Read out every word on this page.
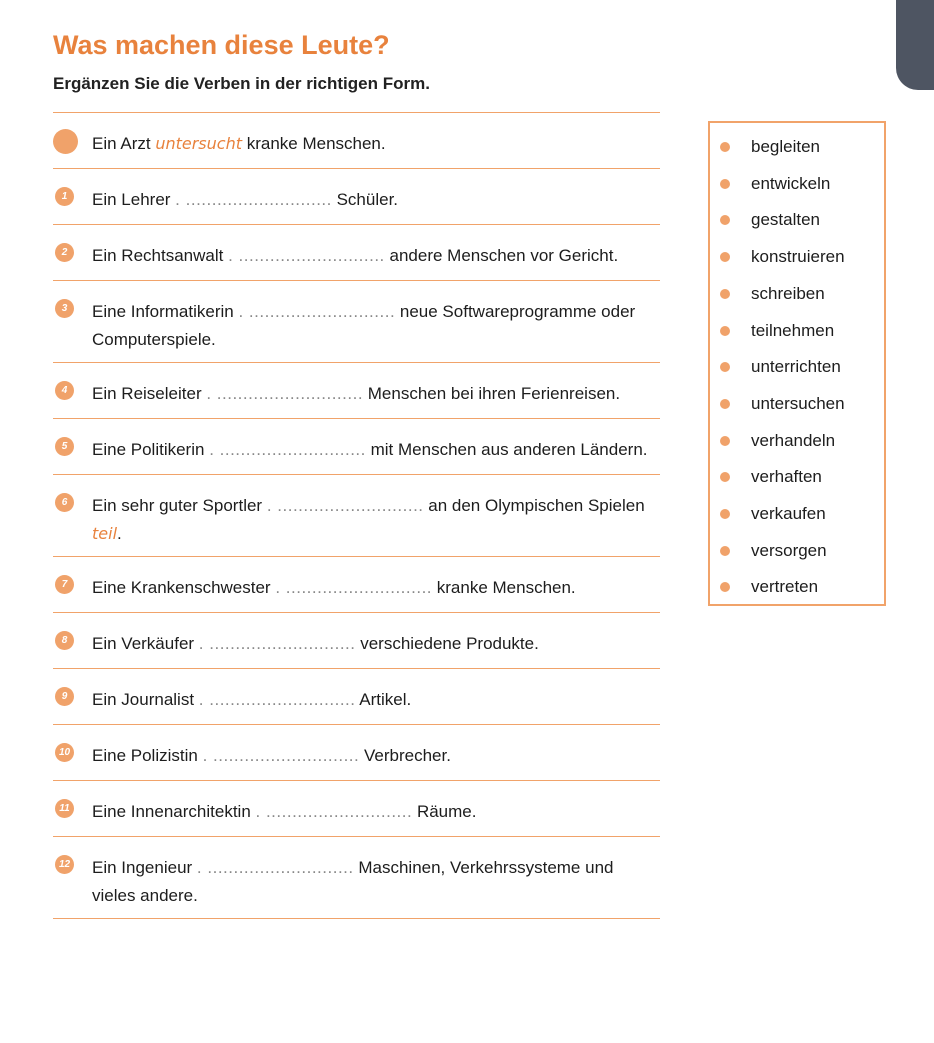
Was machen diese Leute?

Ergänzen Sie die Verben in der richtigen Form.

Ein Arzt untersucht kranke Menschen.
1	Ein Lehrer . ............................ Schüler.
2	Ein Rechtsanwalt . ............................ andere Menschen vor Gericht.
3	Eine Informatikerin . ............................ neue Softwareprogramme oder Computerspiele.
4	Ein Reiseleiter . ............................ Menschen bei ihren Ferienreisen.
5	Eine Politikerin . ............................ mit Menschen aus anderen Ländern.
6	Ein sehr guter Sportler . ............................ an den Olympischen Spielen teil.
7	Eine Krankenschwester . ............................ kranke Menschen.
8	Ein Verkäufer . ............................ verschiedene Produkte.
9	Ein Journalist . ............................ Artikel.
10 Eine Polizistin . ............................ Verbrecher.
11 Eine Innenarchitektin . ............................ Räume.
12 Ein Ingenieur . ............................ Maschinen, Verkehrssysteme und vieles andere.
begleiten
entwickeln
gestalten
konstruieren
schreiben
teilnehmen
unterrichten
untersuchen
verhandeln
verhaften
verkaufen
versorgen
vertreten
